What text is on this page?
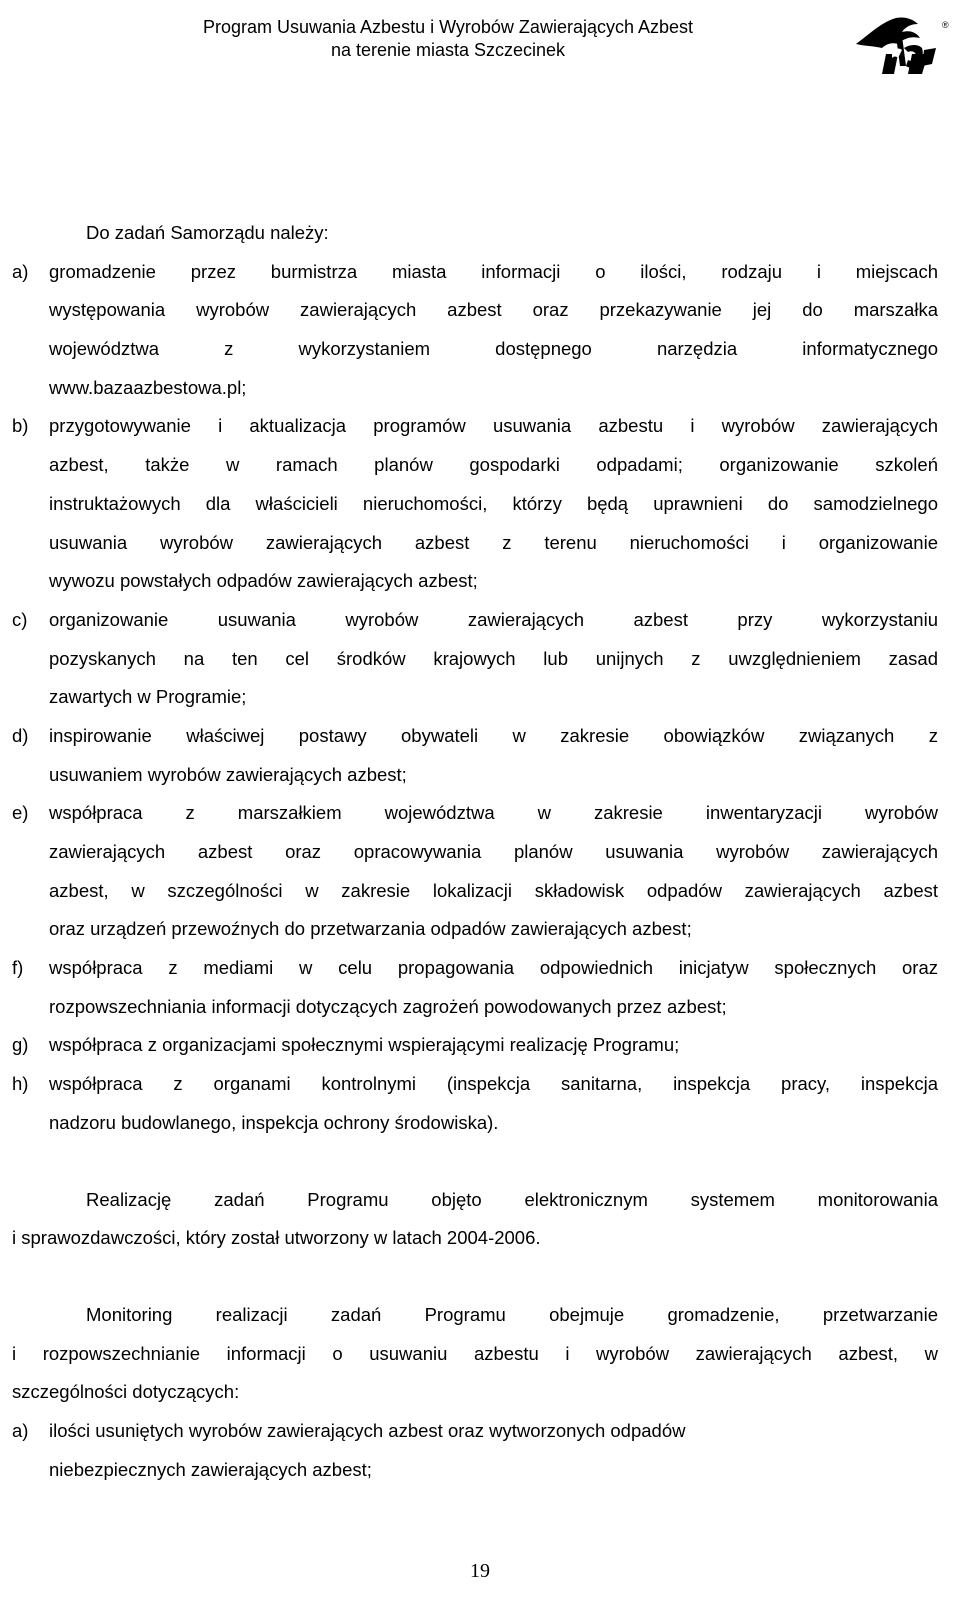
Program Usuwania Azbestu i Wyrobów Zawierających Azbest
na terenie miasta Szczecinek
®
Do zadań Samorządu należy:
a) gromadzenie przez burmistrza miasta informacji o ilości, rodzaju i miejscach
występowania wyrobów zawierających azbest oraz przekazywanie jej do marszałka
województwa z wykorzystaniem dostępnego narzędzia informatycznego
www.bazaazbestowa.pl;
b) przygotowywanie i aktualizacja programów usuwania azbestu i wyrobów zawierających
azbest, także w ramach planów gospodarki odpadami; organizowanie szkoleń
instruktażowych dla właścicieli nieruchomości, którzy będą uprawnieni do samodzielnego
usuwania wyrobów zawierających azbest z terenu nieruchomości i organizowanie
wywozu powstałych odpadów zawierających azbest;
c) organizowanie usuwania wyrobów zawierających azbest przy wykorzystaniu
pozyskanych na ten cel środków krajowych lub unijnych z uwzględnieniem zasad
zawartych w Programie;
d) inspirowanie właściwej postawy obywateli w zakresie obowiązków związanych z
usuwaniem wyrobów zawierających azbest;
e) współpraca z marszałkiem województwa w zakresie inwentaryzacji wyrobów
zawierających azbest oraz opracowywania planów usuwania wyrobów zawierających
azbest, w szczególności w zakresie lokalizacji składowisk odpadów zawierających azbest
oraz urządzeń przewoźnych do przetwarzania odpadów zawierających azbest;
f) współpraca z mediami w celu propagowania odpowiednich inicjatyw społecznych oraz
rozpowszechniania informacji dotyczących zagrożeń powodowanych przez azbest;
g) współpraca z organizacjami społecznymi wspierającymi realizację Programu;
h) współpraca z organami kontrolnymi (inspekcja sanitarna, inspekcja pracy, inspekcja
nadzoru budowlanego, inspekcja ochrony środowiska).
Realizację zadań Programu objęto elektronicznym systemem monitorowania
i sprawozdawczości, który został utworzony w latach 2004-2006.
Monitoring realizacji zadań Programu obejmuje gromadzenie, przetwarzanie
i rozpowszechnianie informacji o usuwaniu azbestu i wyrobów zawierających azbest, w
szczególności dotyczących:
a) ilości usuniętych wyrobów zawierających azbest oraz wytworzonych odpadów
niebezpiecznych zawierających azbest;
19
